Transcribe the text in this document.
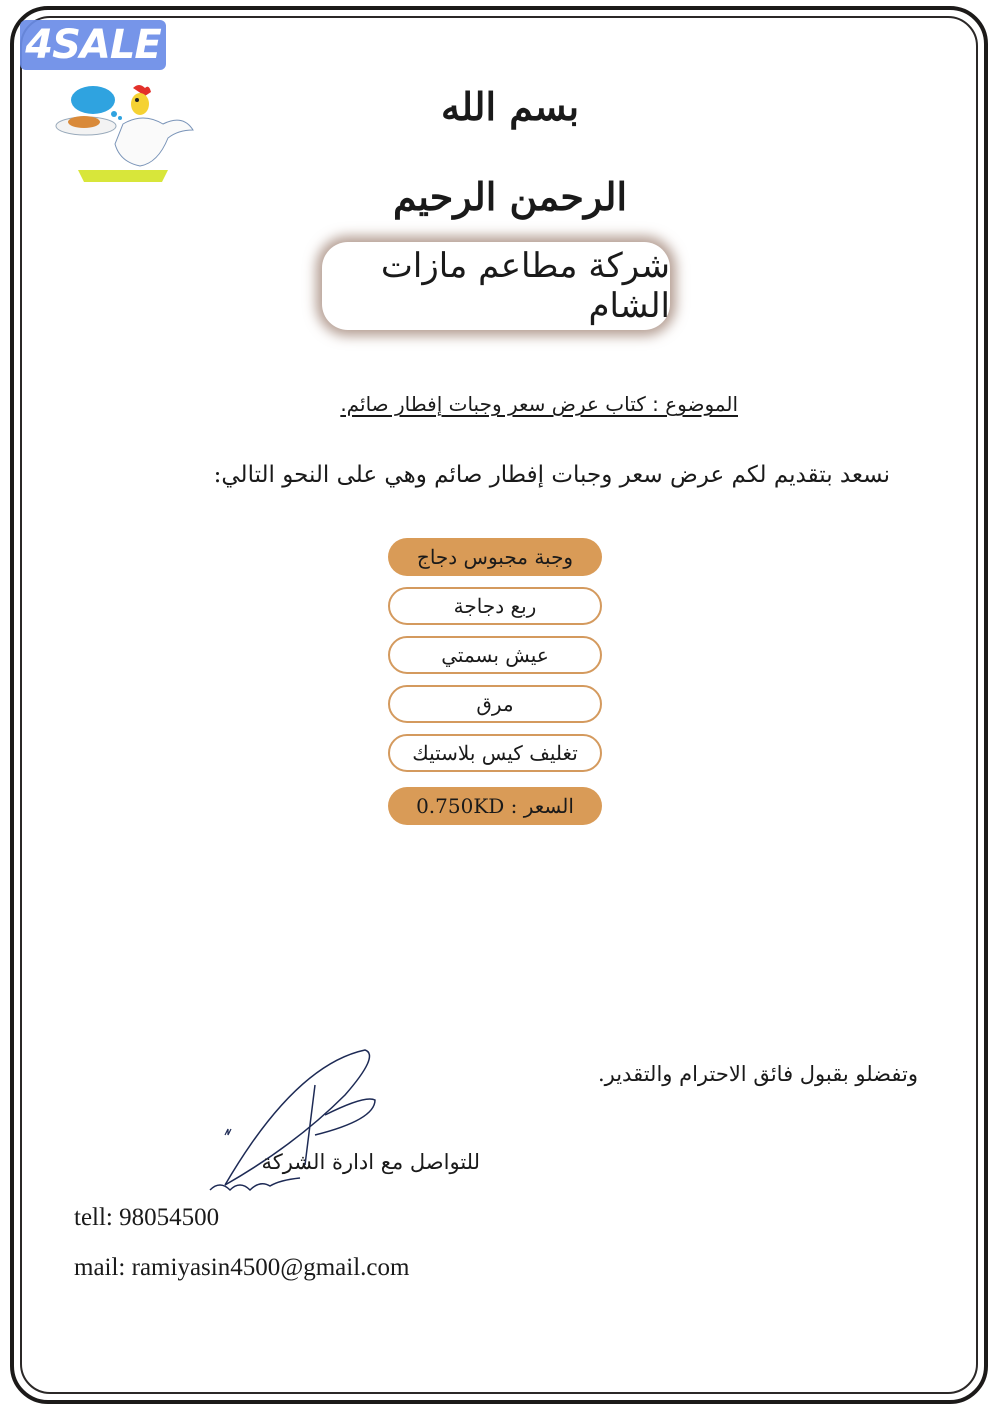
4SALE
بسم الله الرحمن الرحيم
شركة مطاعم مازات الشام
الموضوع : كتاب عرض سعر وجبات إفطار صائم.
نسعد بتقديم لكم عرض سعر وجبات إفطار صائم وهي على النحو التالي:
وجبة مجبوس دجاج
ربع دجاجة
عيش بسمتي
مرق
تغليف كيس بلاستيك
السعر : 0.750KD
وتفضلو بقبول فائق الاحترام والتقدير.
للتواصل مع ادارة الشركة
tell: 98054500
mail: ramiyasin4500@gmail.com
